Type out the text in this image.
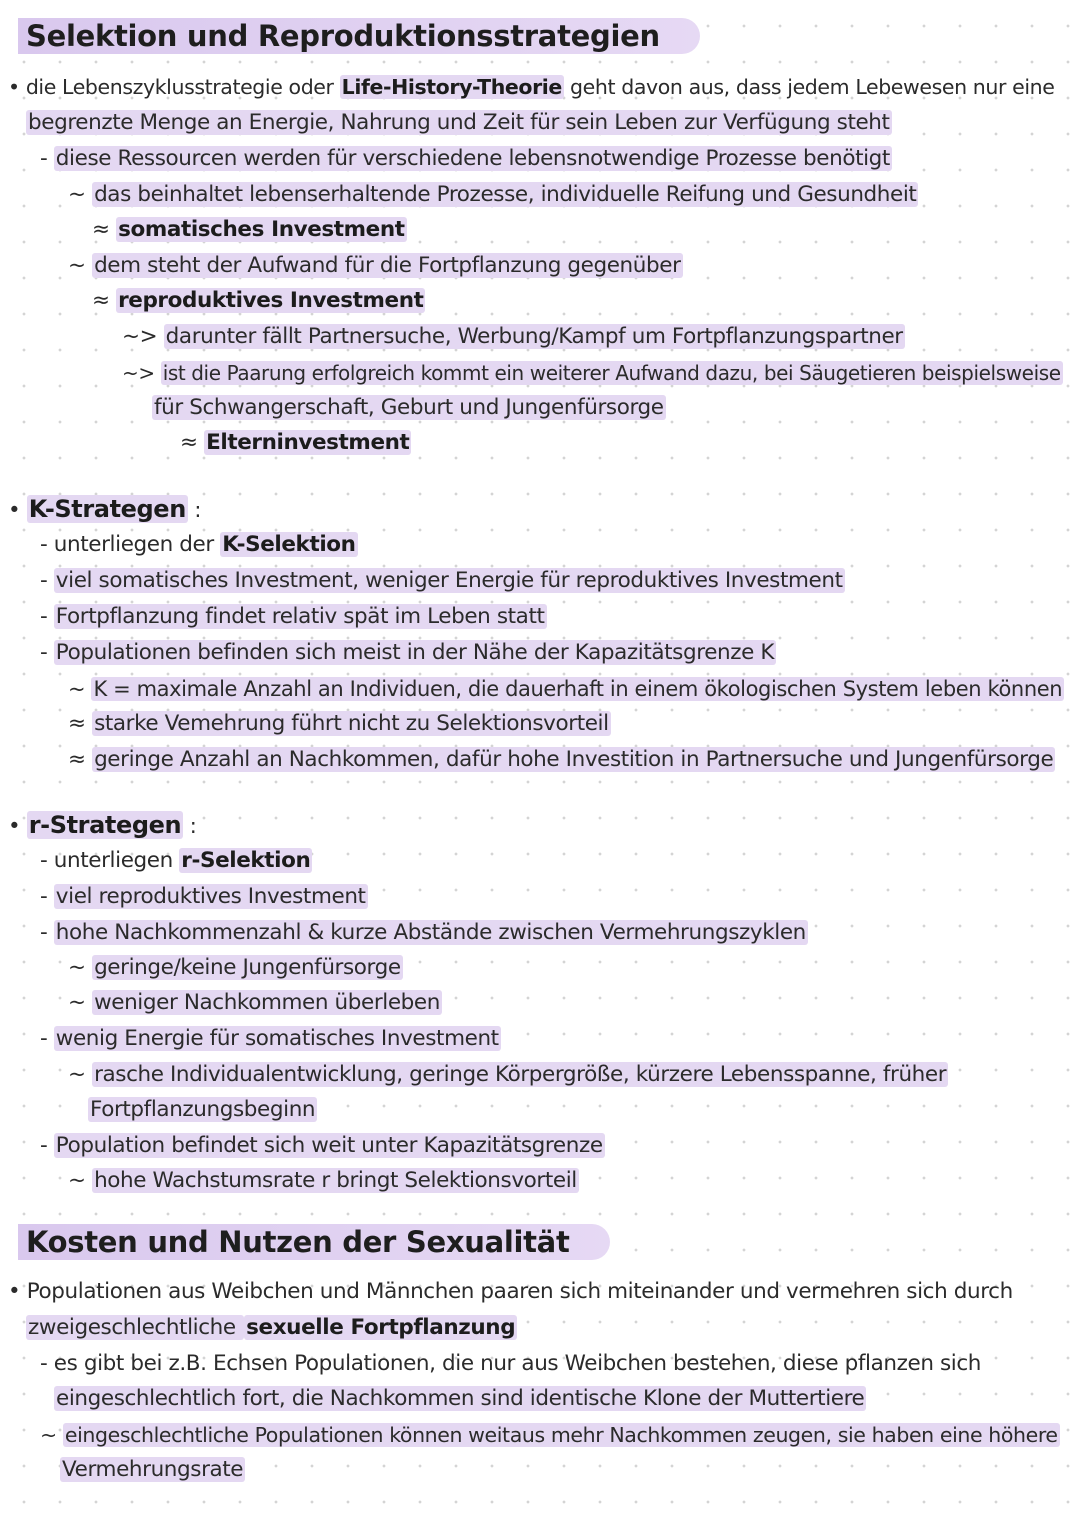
Selektion und Reproduktionsstrategien
• die Lebenszyklusstrategie oder Life-History-Theorie geht davon aus, dass jedem Lebewesen nur eine
begrenzte Menge an Energie, Nahrung und Zeit für sein Leben zur Verfügung steht
- diese Ressourcen werden für verschiedene lebensnotwendige Prozesse benötigt
~ das beinhaltet lebenserhaltende Prozesse, individuelle Reifung und Gesundheit
≈ somatisches Investment
~ dem steht der Aufwand für die Fortpflanzung gegenüber
≈ reproduktives Investment
~> darunter fällt Partnersuche, Werbung/Kampf um Fortpflanzungspartner
~> ist die Paarung erfolgreich kommt ein weiterer Aufwand dazu, bei Säugetieren beispielsweise
für Schwangerschaft, Geburt und Jungenfürsorge
≈ Elterninvestment
• K-Strategen :
- unterliegen der K-Selektion
- viel somatisches Investment, weniger Energie für reproduktives Investment
- Fortpflanzung findet relativ spät im Leben statt
- Populationen befinden sich meist in der Nähe der Kapazitätsgrenze K
~ K = maximale Anzahl an Individuen, die dauerhaft in einem ökologischen System leben können
≈ starke Vemehrung führt nicht zu Selektionsvorteil
≈ geringe Anzahl an Nachkommen, dafür hohe Investition in Partnersuche und Jungenfürsorge
• r-Strategen :
- unterliegen r-Selektion
- viel reproduktives Investment
- hohe Nachkommenzahl & kurze Abstände zwischen Vermehrungszyklen
~ geringe/keine Jungenfürsorge
~ weniger Nachkommen überleben
- wenig Energie für somatisches Investment
~ rasche Individualentwicklung, geringe Körpergröße, kürzere Lebensspanne, früher
Fortpflanzungsbeginn
- Population befindet sich weit unter Kapazitätsgrenze
~ hohe Wachstumsrate r bringt Selektionsvorteil
Kosten und Nutzen der Sexualität
• Populationen aus Weibchen und Männchen paaren sich miteinander und vermehren sich durch
zweigeschlechtliche sexuelle Fortpflanzung
- es gibt bei z.B. Echsen Populationen, die nur aus Weibchen bestehen, diese pflanzen sich
eingeschlechtlich fort, die Nachkommen sind identische Klone der Muttertiere
~ eingeschlechtliche Populationen können weitaus mehr Nachkommen zeugen, sie haben eine höhere
Vermehrungsrate
